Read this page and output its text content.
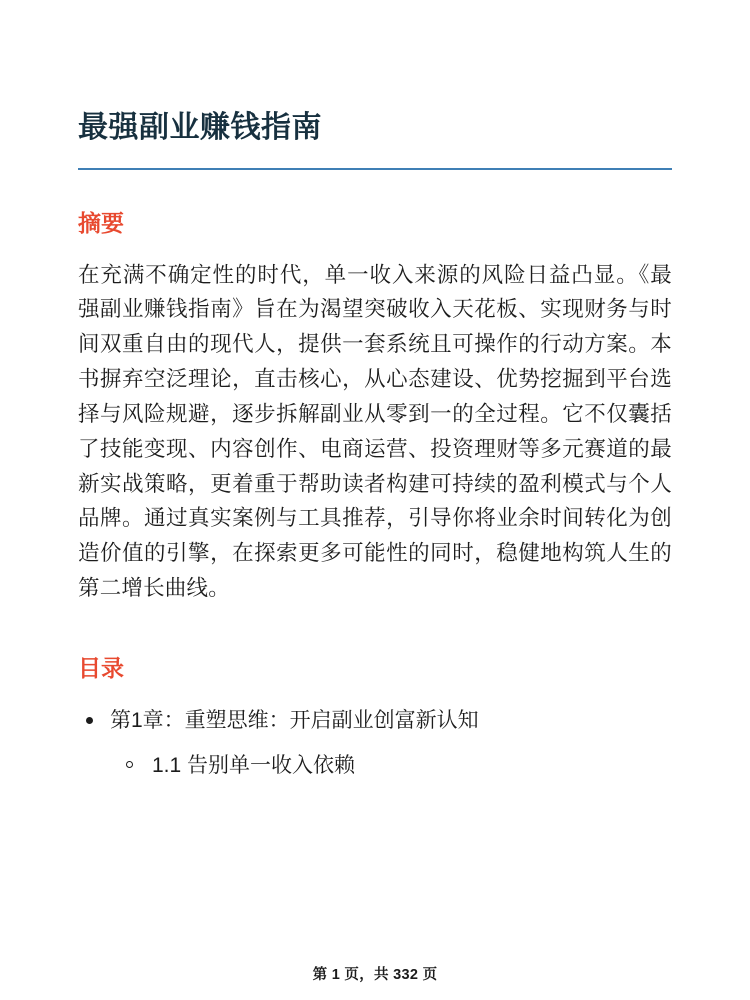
最强副业赚钱指南
摘要

在充满不确定性的时代，单一收入来源的风险日益凸显。《最强副业赚钱指南》旨在为渴望突破收入天花板、实现财务与时间双重自由的现代人，提供一套系统且可操作的行动方案。本书摒弃空泛理论，直击核心，从心态建设、优势挖掘到平台选择与风险规避，逐步拆解副业从零到一的全过程。它不仅囊括了技能变现、内容创作、电商运营、投资理财等多元赛道的最新实战策略，更着重于帮助读者构建可持续的盈利模式与个人品牌。通过真实案例与工具推荐，引导你将业余时间转化为创造价值的引擎，在探索更多可能性的同时，稳健地构筑人生的第二增长曲线。

目录
第1章：重塑思维：开启副业创富新认知
1.1 告别单一收入依赖
第 1 页，共 332 页
